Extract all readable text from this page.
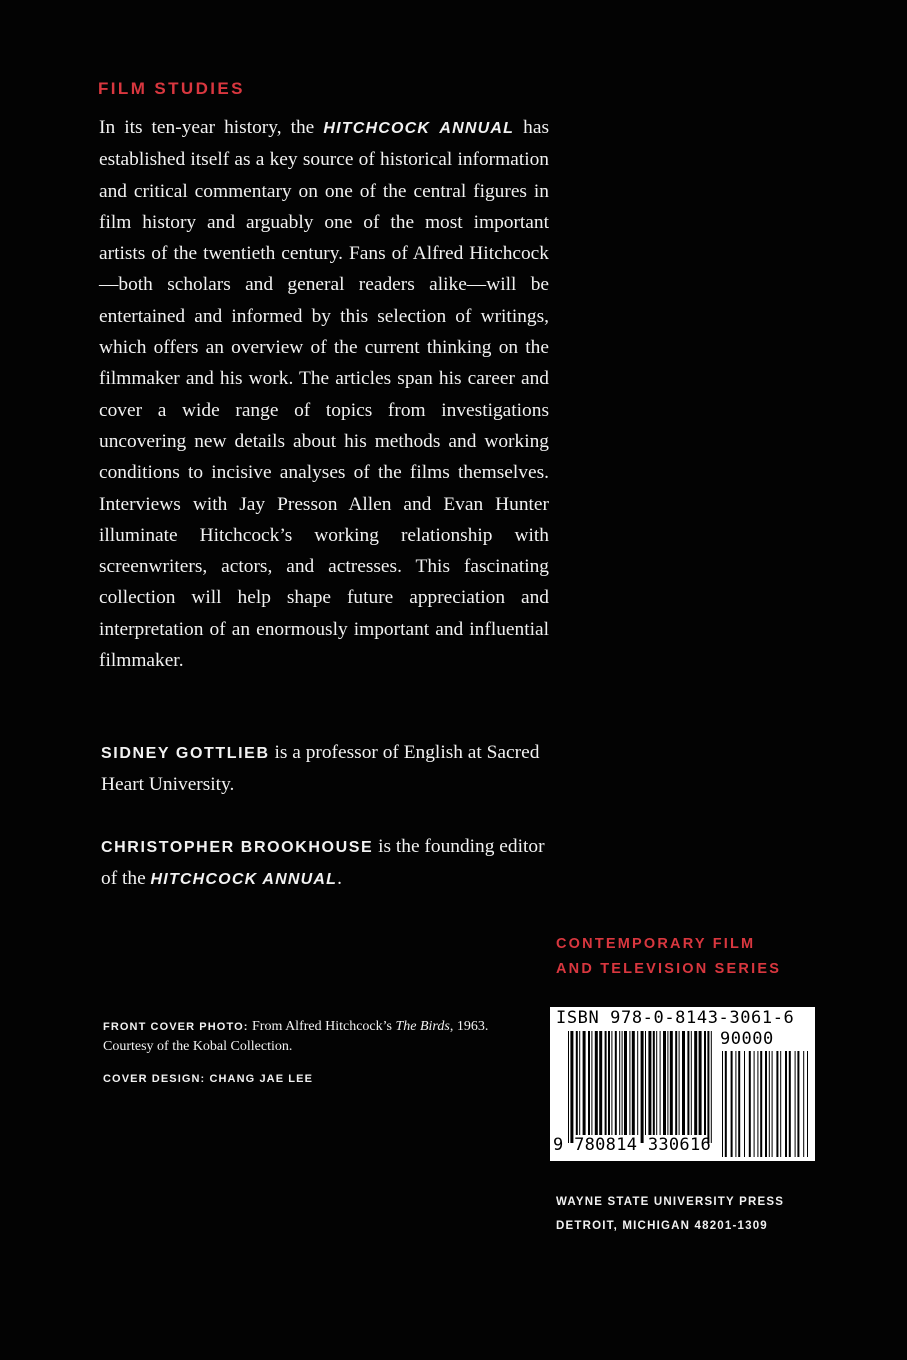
FILM STUDIES

In its ten-year history, the HITCHCOCK ANNUAL has established itself as a key source of historical information and critical commentary on one of the central figures in film history and arguably one of the most important artists of the twentieth century. Fans of Alfred Hitchcock—both scholars and general readers alike—will be entertained and informed by this selection of writings, which offers an overview of the current thinking on the filmmaker and his work. The articles span his career and cover a wide range of topics from investigations uncovering new details about his methods and working conditions to incisive analyses of the films themselves. Interviews with Jay Presson Allen and Evan Hunter illuminate Hitchcock’s working relationship with screenwriters, actors, and actresses. This fascinating collection will help shape future appreciation and interpretation of an enormously important and influential filmmaker.

SIDNEY GOTTLIEB is a professor of English at Sacred Heart University.

CHRISTOPHER BROOKHOUSE is the founding editor of the HITCHCOCK ANNUAL.

CONTEMPORARY FILM
AND TELEVISION SERIES
FRONT COVER PHOTO: From Alfred Hitchcock’s The Birds, 1963. Courtesy of the Kobal Collection.
COVER DESIGN: CHANG JAE LEE
ISBN 978-0-8143-3061-6
90000
9 780814 330616
WAYNE STATE UNIVERSITY PRESS
DETROIT, MICHIGAN 48201-1309
